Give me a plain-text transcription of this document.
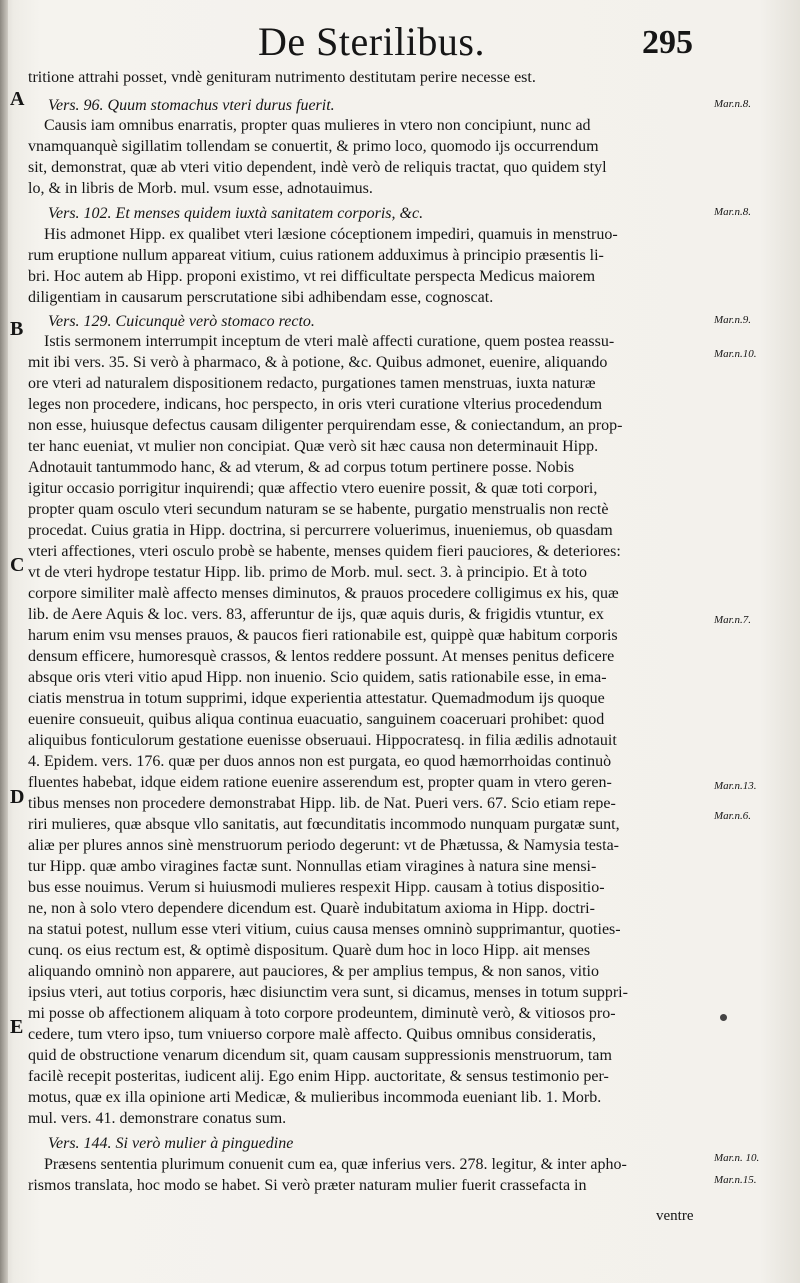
De Sterilibus.	295
A
B
C
D
E
tritione attrahi posset, vndè genituram nutrimento destitutam perire necesse est.
Vers. 96. Quum stomachus vteri durus fuerit.
Causis iam omnibus enarratis, propter quas mulieres in vtero non concipiunt, nunc ad
vnamquanquè sigillatim tollendam se conuertit, & primo loco, quomodo ijs occurrendum
sit, demonstrat, quæ ab vteri vitio dependent, indè verò de reliquis tractat, quo quidem styl
lo, & in libris de Morb. mul. vsum esse, adnotauimus.
Vers. 102. Et menses quidem iuxtà sanitatem corporis, &c.
His admonet Hipp. ex qualibet vteri læsione cóceptionem impediri, quamuis in menstruo-
rum eruptione nullum appareat vitium, cuius rationem adduximus à principio præsentis li-
bri. Hoc autem ab Hipp. proponi existimo, vt rei difficultate perspecta Medicus maiorem
diligentiam in causarum perscrutatione sibi adhibendam esse, cognoscat.
Vers. 129. Cuicunquè verò stomaco recto.
Istis sermonem interrumpit inceptum de vteri malè affecti curatione, quem postea reassu-
mit ibi vers. 35. Si verò à pharmaco, & à potione, &c. Quibus admonet, euenire, aliquando
ore vteri ad naturalem dispositionem redacto, purgationes tamen menstruas, iuxta naturæ
leges non procedere, indicans, hoc perspecto, in oris vteri curatione vlterius procedendum
non esse, huiusque defectus causam diligenter perquirendam esse, & coniectandum, an prop-
ter hanc eueniat, vt mulier non concipiat. Quæ verò sit hæc causa non determinauit Hipp.
Adnotauit tantummodo hanc, & ad vterum, & ad corpus totum pertinere posse. Nobis
igitur occasio porrigitur inquirendi; quæ affectio vtero euenire possit, & quæ toti corpori,
propter quam osculo vteri secundum naturam se se habente, purgatio menstrualis non rectè
procedat. Cuius gratia in Hipp. doctrina, si percurrere voluerimus, inueniemus, ob quasdam
vteri affectiones, vteri osculo probè se habente, menses quidem fieri pauciores, & deteriores:
vt de vteri hydrope testatur Hipp. lib. primo de Morb. mul. sect. 3. à principio. Et à toto
corpore similiter malè affecto menses diminutos, & prauos procedere colligimus ex his, quæ
lib. de Aere Aquis & loc. vers. 83, afferuntur de ijs, quæ aquis duris, & frigidis vtuntur, ex
harum enim vsu menses prauos, & paucos fieri rationabile est, quippè quæ habitum corporis
densum efficere, humoresquè crassos, & lentos reddere possunt. At menses penitus deficere
absque oris vteri vitio apud Hipp. non inuenio. Scio quidem, satis rationabile esse, in ema-
ciatis menstrua in totum supprimi, idque experientia attestatur. Quemadmodum ijs quoque
euenire consueuit, quibus aliqua continua euacuatio, sanguinem coaceruari prohibet: quod
aliquibus fonticulorum gestatione euenisse obseruaui. Hippocratesq. in filia ædilis adnotauit
4. Epidem. vers. 176. quæ per duos annos non est purgata, eo quod hæmorrhoidas continuò
fluentes habebat, idque eidem ratione euenire asserendum est, propter quam in vtero geren-
tibus menses non procedere demonstrabat Hipp. lib. de Nat. Pueri vers. 67. Scio etiam repe-
riri mulieres, quæ absque vllo sanitatis, aut fœcunditatis incommodo nunquam purgatæ sunt,
aliæ per plures annos sinè menstruorum periodo degerunt: vt de Phætussa, & Namysia testa-
tur Hipp. quæ ambo viragines factæ sunt. Nonnullas etiam viragines à natura sine mensi-
bus esse nouimus. Verum si huiusmodi mulieres respexit Hipp. causam à totius dispositio-
ne, non à solo vtero dependere dicendum est. Quarè indubitatum axioma in Hipp. doctri-
na statui potest, nullum esse vteri vitium, cuius causa menses omninò supprimantur, quoties-
cunq. os eius rectum est, & optimè dispositum. Quarè dum hoc in loco Hipp. ait menses
aliquando omninò non apparere, aut pauciores, & per amplius tempus, & non sanos, vitio
ipsius vteri, aut totius corporis, hæc disiunctim vera sunt, si dicamus, menses in totum suppri-
mi posse ob affectionem aliquam à toto corpore prodeuntem, diminutè verò, & vitiosos pro-
cedere, tum vtero ipso, tum vniuerso corpore malè affecto. Quibus omnibus consideratis,
quid de obstructione venarum dicendum sit, quam causam suppressionis menstruorum, tam
facilè recepit posteritas, iudicent alij. Ego enim Hipp. auctoritate, & sensus testimonio per-
motus, quæ ex illa opinione arti Medicæ, & mulieribus incommoda eueniant lib. 1. Morb.
mul. vers. 41. demonstrare conatus sum.
Vers. 144. Si verò mulier à pinguedine
Præsens sententia plurimum conuenit cum ea, quæ inferius vers. 278. legitur, & inter apho-
rismos translata, hoc modo se habet. Si verò præter naturam mulier fuerit crassefacta in
Mar.n.8.
Mar.n.8.
Mar.n.9.
Mar.n.10.
Mar.n.7.
Mar.n.13.
Mar.n.6.
Mar.n. 10.
Mar.n.15.
ventre
